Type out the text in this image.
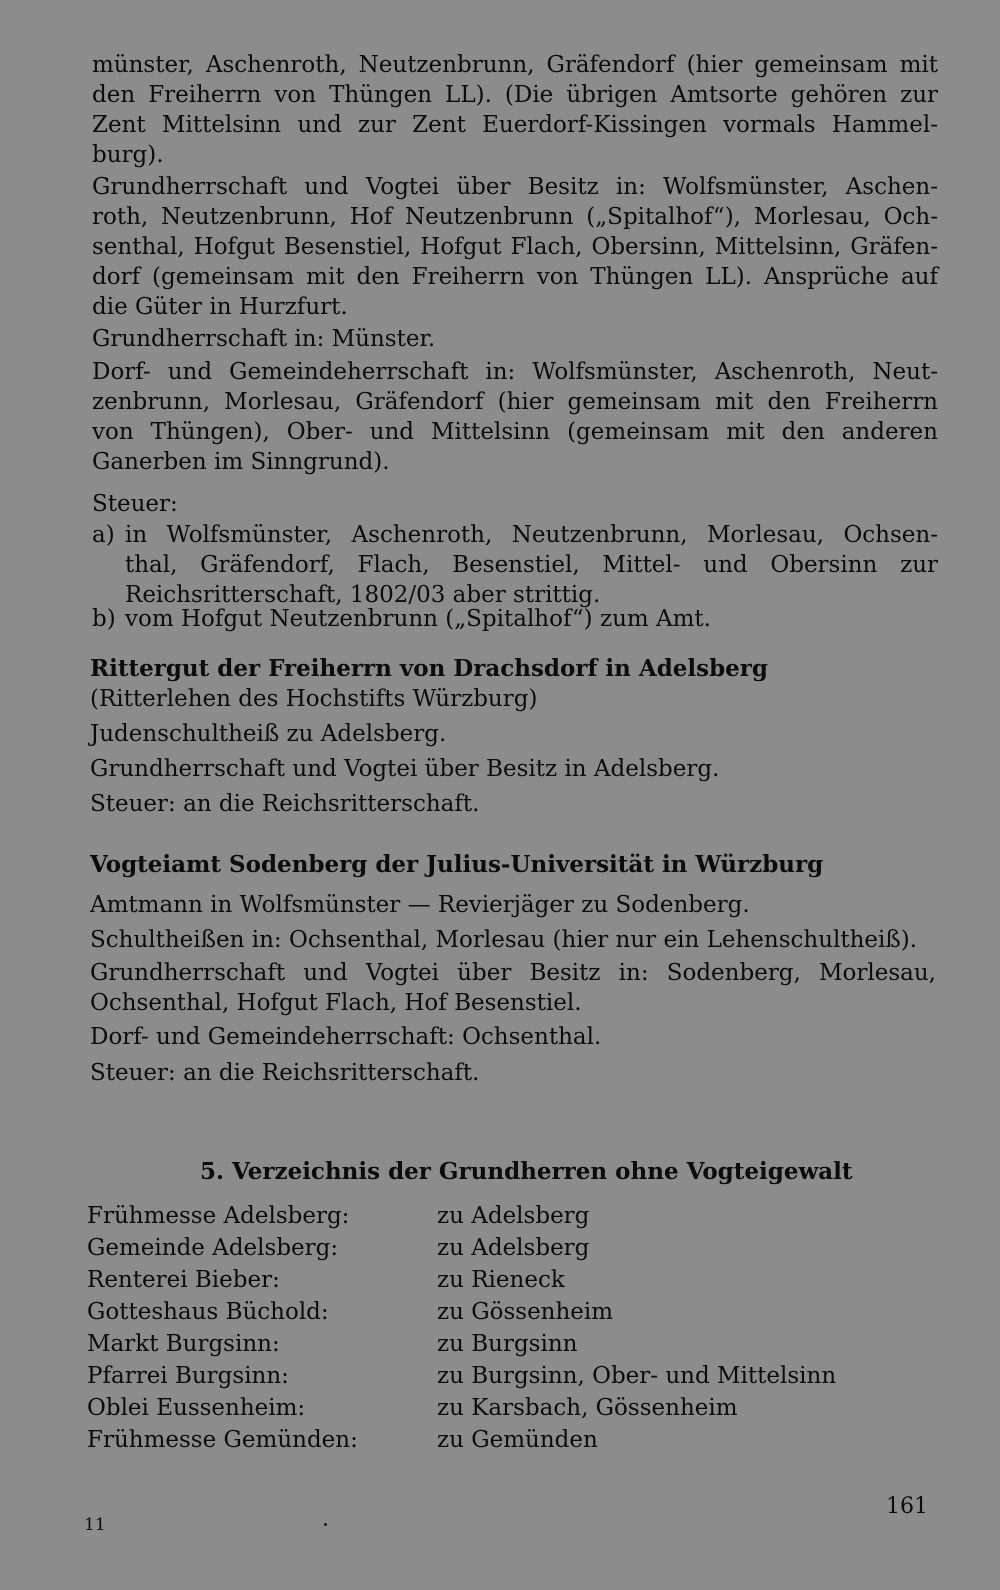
münster, Aschenroth, Neutzenbrunn, Gräfendorf (hier gemeinsam mit
den Freiherrn von Thüngen LL). (Die übrigen Amtsorte gehören zur
Zent Mittelsinn und zur Zent Euerdorf-Kissingen vormals Hammel-
burg).
Grundherrschaft und Vogtei über Besitz in: Wolfsmünster, Aschen-
roth, Neutzenbrunn, Hof Neutzenbrunn („Spitalhof“), Morlesau, Och-
senthal, Hofgut Besenstiel, Hofgut Flach, Obersinn, Mittelsinn, Gräfen-
dorf (gemeinsam mit den Freiherrn von Thüngen LL). Ansprüche auf
die Güter in Hurzfurt.
Grundherrschaft in: Münster.
Dorf- und Gemeindeherrschaft in: Wolfsmünster, Aschenroth, Neut-
zenbrunn, Morlesau, Gräfendorf (hier gemeinsam mit den Freiherrn
von Thüngen), Ober- und Mittelsinn (gemeinsam mit den anderen
Ganerben im Sinngrund).
Steuer:
a) in Wolfsmünster, Aschenroth, Neutzenbrunn, Morlesau, Ochsen-
thal, Gräfendorf, Flach, Besenstiel, Mittel- und Obersinn zur
Reichsritterschaft, 1802/03 aber strittig.
b) vom Hofgut Neutzenbrunn („Spitalhof“) zum Amt.
Rittergut der Freiherrn von Drachsdorf in Adelsberg
(Ritterlehen des Hochstifts Würzburg)
Judenschultheiß zu Adelsberg.
Grundherrschaft und Vogtei über Besitz in Adelsberg.
Steuer: an die Reichsritterschaft.
Vogteiamt Sodenberg der Julius-Universität in Würzburg
Amtmann in Wolfsmünster — Revierjäger zu Sodenberg.
Schultheißen in: Ochsenthal, Morlesau (hier nur ein Lehenschultheiß).
Grundherrschaft und Vogtei über Besitz in: Sodenberg, Morlesau,
Ochsenthal, Hofgut Flach, Hof Besenstiel.
Dorf- und Gemeindeherrschaft: Ochsenthal.
Steuer: an die Reichsritterschaft.
5. Verzeichnis der Grundherren ohne Vogteigewalt
Frühmesse Adelsberg:	zu Adelsberg
Gemeinde Adelsberg:	zu Adelsberg
Renterei Bieber:	zu Rieneck
Gotteshaus Büchold:	zu Gössenheim
Markt Burgsinn:	zu Burgsinn
Pfarrei Burgsinn:	zu Burgsinn, Ober- und Mittelsinn
Oblei Eussenheim:	zu Karsbach, Gössenheim
Frühmesse Gemünden:	zu Gemünden
161
11
